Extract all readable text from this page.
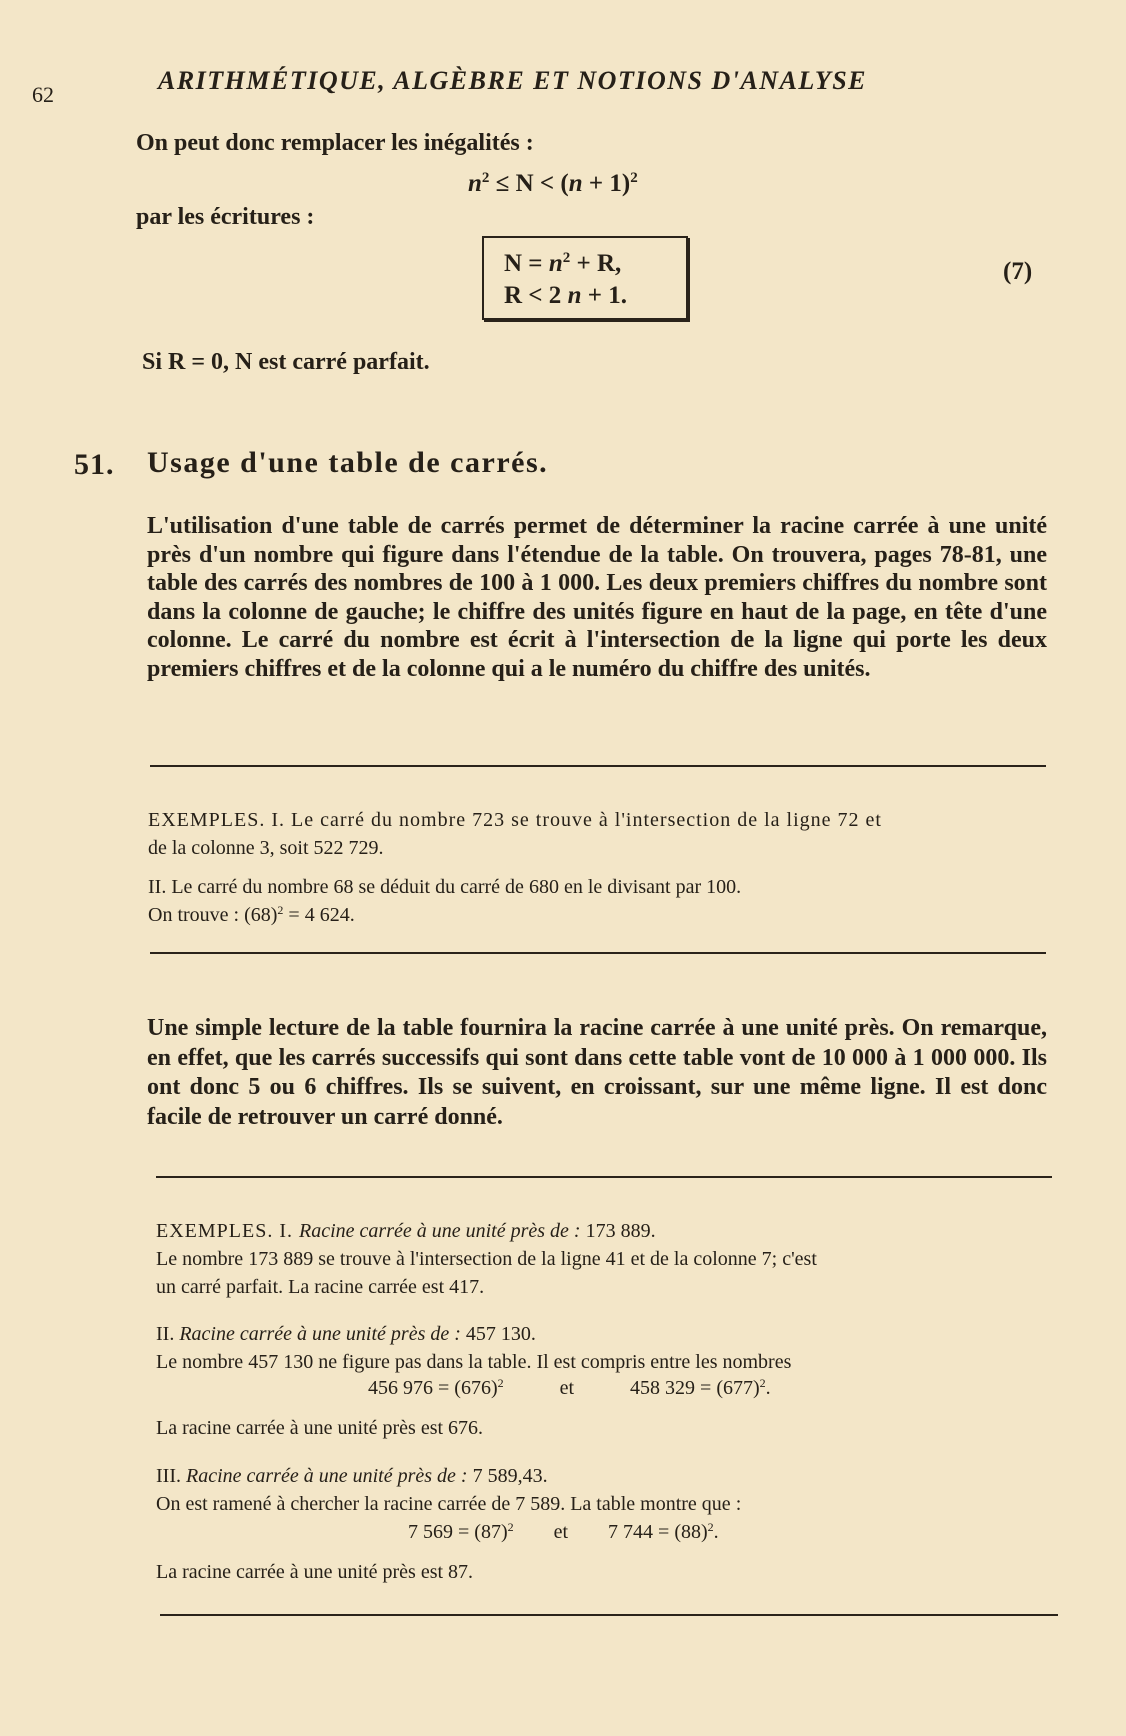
62	ARITHMÉTIQUE, ALGÈBRE ET NOTIONS D'ANALYSE
On peut donc remplacer les inégalités :
$n^2 \le N < (n + 1)^2$
par les écritures :
$N = n^2 + R$,
R < 2 n + 1.
(7)
Si R = 0, N est carré parfait.
51. Usage d'une table de carrés.
L'utilisation d'une table de carrés permet de déterminer la racine carrée à une unité près d'un nombre qui figure dans l'étendue de la table. On trouvera, pages 78-81, une table des carrés des nombres de 100 à 1 000. Les deux premiers chiffres du nombre sont dans la colonne de gauche; le chiffre des unités figure en haut de la page, en tête d'une colonne. Le carré du nombre est écrit à l'intersection de la ligne qui porte les deux premiers chiffres et de la colonne qui a le numéro du chiffre des unités.
EXEMPLES. I. Le carré du nombre 723 se trouve à l'intersection de la ligne 72 et
de la colonne 3, soit 522 729.
II. Le carré du nombre 68 se déduit du carré de 680 en le divisant par 100.
On trouve : $(68)^2 = 4$ 624.
Une simple lecture de la table fournira la racine carrée à une unité près. On remarque, en effet, que les carrés successifs qui sont dans cette table vont de 10 000 à 1 000 000. Ils ont donc 5 ou 6 chiffres. Ils se suivent, en croissant, sur une même ligne. Il est donc facile de retrouver un carré donné.
EXEMPLES. I. Racine carrée à une unité près de : 173 889.
Le nombre 173 889 se trouve à l'intersection de la ligne 41 et de la colonne 7; c'est
un carré parfait. La racine carrée est 417.
II. Racine carrée à une unité près de : 457 130.
Le nombre 457 130 ne figure pas dans la table. Il est compris entre les nombres
456 $976 = (676)^2$	et	458 $329 = (677)^2$.
La racine carrée à une unité près est 676.
III. Racine carrée à une unité près de : 7 589,43.
On est ramené à chercher la racine carrée de 7 589. La table montre que :
7 $569 = (87)^2$ et 7 $744 = (88)^2$.
La racine carrée à une unité près est 87.
